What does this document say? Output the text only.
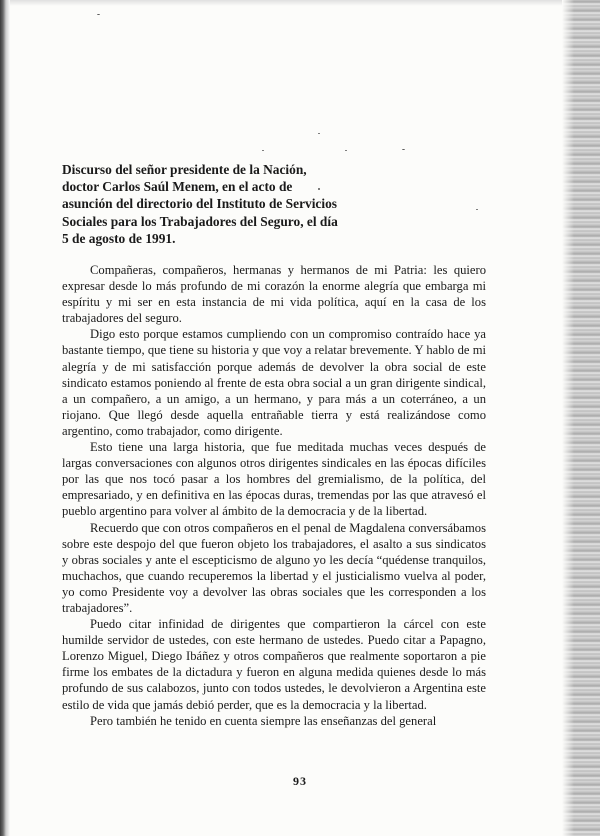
Discurso del señor presidente de la Nación,
doctor Carlos Saúl Menem, en el acto de
asunción del directorio del Instituto de Servicios
Sociales para los Trabajadores del Seguro, el día
5 de agosto de 1991.

Compañeras, compañeros, hermanas y hermanos de mi Patria: les quiero expresar desde lo más profundo de mi corazón la enorme alegría que embarga mi espíritu y mi ser en esta instancia de mi vida política, aquí en la casa de los trabajadores del seguro.

Digo esto porque estamos cumpliendo con un compromiso contraído hace ya bastante tiempo, que tiene su historia y que voy a relatar brevemente. Y hablo de mi alegría y de mi satisfacción porque además de devolver la obra social de este sindicato estamos poniendo al frente de esta obra social a un gran dirigente sindical, a un compañero, a un amigo, a un hermano, y para más a un coterráneo, a un riojano. Que llegó desde aquella entrañable tierra y está realizándose como argentino, como trabajador, como dirigente.

Esto tiene una larga historia, que fue meditada muchas veces después de largas conversaciones con algunos otros dirigentes sindicales en las épocas difíciles por las que nos tocó pasar a los hombres del gremialismo, de la política, del empresariado, y en definitiva en las épocas duras, tremendas por las que atravesó el pueblo argentino para volver al ámbito de la democracia y de la libertad.

Recuerdo que con otros compañeros en el penal de Magdalena conversábamos sobre este despojo del que fueron objeto los trabajadores, el asalto a sus sindicatos y obras sociales y ante el escepticismo de alguno yo les decía “quédense tranquilos, muchachos, que cuando recuperemos la libertad y el justicialismo vuelva al poder, yo como Presidente voy a devolver las obras sociales que les corresponden a los trabajadores”.

Puedo citar infinidad de dirigentes que compartieron la cárcel con este humilde servidor de ustedes, con este hermano de ustedes. Puedo citar a Papagno, Lorenzo Miguel, Diego Ibáñez y otros compañeros que realmente soportaron a pie firme los embates de la dictadura y fueron en alguna medida quienes desde lo más profundo de sus calabozos, junto con todos ustedes, le devolvieron a Argentina este estilo de vida que jamás debió perder, que es la democracia y la libertad.

Pero también he tenido en cuenta siempre las enseñanzas del general

93
